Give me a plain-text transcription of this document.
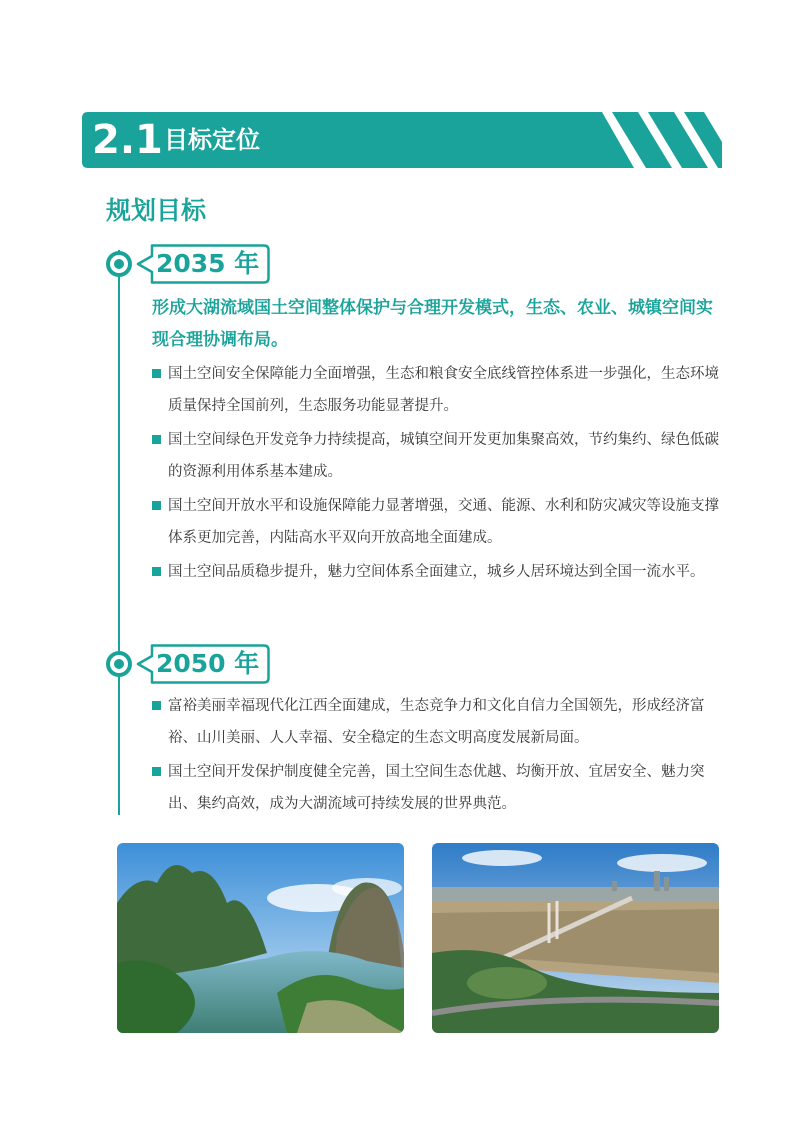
2.1 目标定位
规划目标
2035 年
形成大湖流域国土空间整体保护与合理开发模式，生态、农业、城镇空间实现合理协调布局。
国土空间安全保障能力全面增强，生态和粮食安全底线管控体系进一步强化，生态环境质量保持全国前列，生态服务功能显著提升。
国土空间绿色开发竞争力持续提高，城镇空间开发更加集聚高效，节约集约、绿色低碳的资源利用体系基本建成。
国土空间开放水平和设施保障能力显著增强，交通、能源、水利和防灾减灾等设施支撑体系更加完善，内陆高水平双向开放高地全面建成。
国土空间品质稳步提升，魅力空间体系全面建立，城乡人居环境达到全国一流水平。
2050 年
富裕美丽幸福现代化江西全面建成，生态竞争力和文化自信力全国领先，形成经济富裕、山川美丽、人人幸福、安全稳定的生态文明高度发展新局面。
国土空间开发保护制度健全完善，国土空间生态优越、均衡开放、宜居安全、魅力突出、集约高效，成为大湖流域可持续发展的世界典范。
